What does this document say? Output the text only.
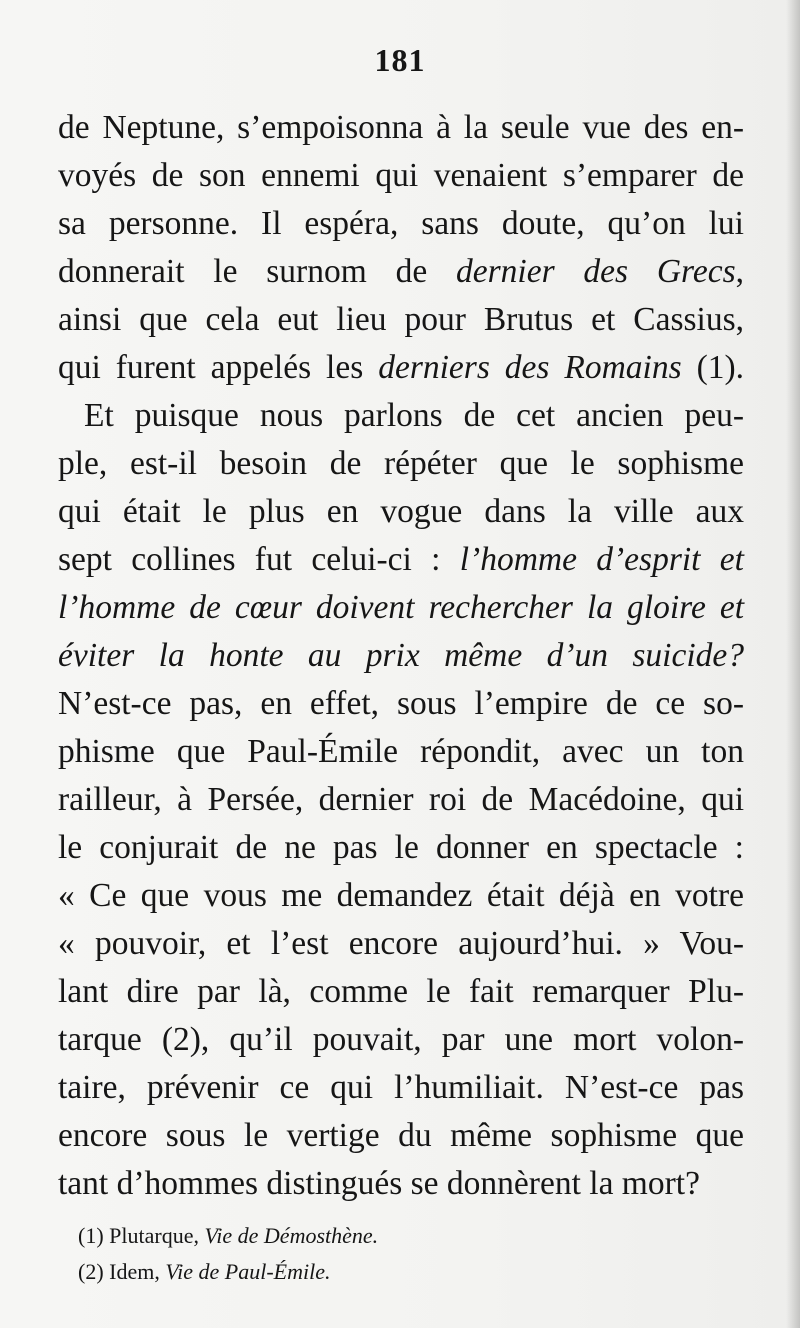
181
de Neptune, s’empoisonna à la seule vue des en-
voyés de son ennemi qui venaient s’emparer de
sa personne. Il espéra, sans doute, qu’on lui
donnerait le surnom de dernier des Grecs,
ainsi que cela eut lieu pour Brutus et Cassius,
qui furent appelés les derniers des Romains (1).
Et puisque nous parlons de cet ancien peu-
ple, est-il besoin de répéter que le sophisme
qui était le plus en vogue dans la ville aux
sept collines fut celui-ci : l’homme d’esprit et
l’homme de cœur doivent rechercher la gloire et
éviter la honte au prix même d’un suicide?
N’est-ce pas, en effet, sous l’empire de ce so-
phisme que Paul-Émile répondit, avec un ton
railleur, à Persée, dernier roi de Macédoine, qui
le conjurait de ne pas le donner en spectacle :
« Ce que vous me demandez était déjà en votre
« pouvoir, et l’est encore aujourd’hui. » Vou-
lant dire par là, comme le fait remarquer Plu-
tarque (2), qu’il pouvait, par une mort volon-
taire, prévenir ce qui l’humiliait. N’est-ce pas
encore sous le vertige du même sophisme que
tant d’hommes distingués se donnèrent la mort?
(1) Plutarque, Vie de Démosthène.
(2) Idem, Vie de Paul-Émile.
